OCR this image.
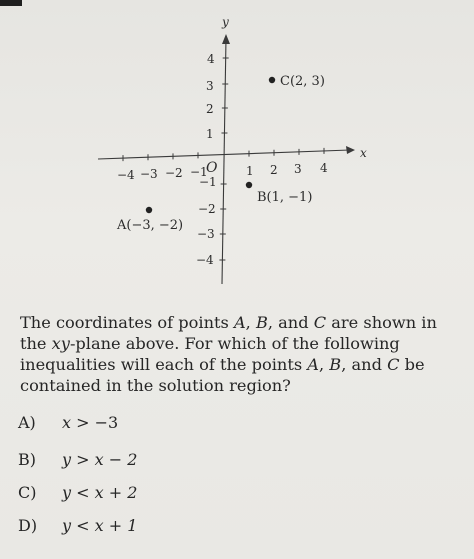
y
x
−4 −3 −2 −1	1 2 3 4
O
4
3
2
1
−1
−2
−3
−4
C(2, 3)
B(1, −1)
A(−3, −2)
The coordinates of points A, B, and C are shown in the xy-plane above. For which of the following inequalities will each of the points A, B, and C be contained in the solution region?
A) x > −3
B) y > x − 2
C) y < x + 2
D) y < x + 1
